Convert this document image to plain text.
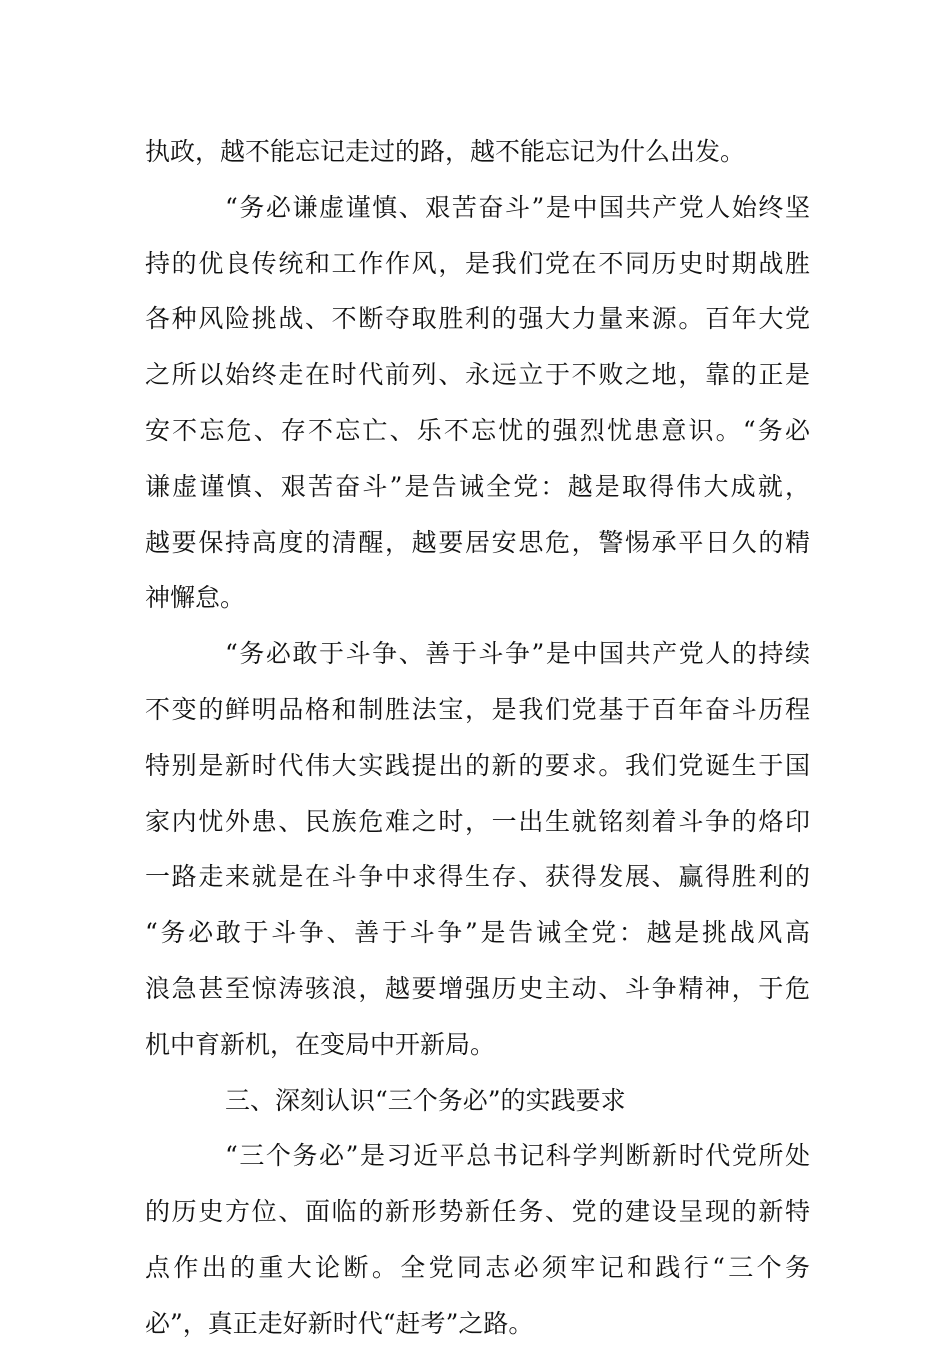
执政，越不能忘记走过的路，越不能忘记为什么出发。
“务必谦虚谨慎、艰苦奋斗”是中国共产党人始终坚
持的优良传统和工作作风，是我们党在不同历史时期战胜
各种风险挑战、不断夺取胜利的强大力量来源。百年大党
之所以始终走在时代前列、永远立于不败之地，靠的正是
安不忘危、存不忘亡、乐不忘忧的强烈忧患意识。“务必
谦虚谨慎、艰苦奋斗”是告诫全党：越是取得伟大成就，
越要保持高度的清醒，越要居安思危，警惕承平日久的精
神懈怠。
“务必敢于斗争、善于斗争”是中国共产党人的持续
不变的鲜明品格和制胜法宝，是我们党基于百年奋斗历程
特别是新时代伟大实践提出的新的要求。我们党诞生于国
家内忧外患、民族危难之时，一出生就铭刻着斗争的烙印
一路走来就是在斗争中求得生存、获得发展、赢得胜利的
“务必敢于斗争、善于斗争”是告诫全党：越是挑战风高
浪急甚至惊涛骇浪，越要增强历史主动、斗争精神，于危
机中育新机，在变局中开新局。
三、深刻认识“三个务必”的实践要求
“三个务必”是习近平总书记科学判断新时代党所处
的历史方位、面临的新形势新任务、党的建设呈现的新特
点作出的重大论断。全党同志必须牢记和践行“三个务
必”，真正走好新时代“赶考”之路。
